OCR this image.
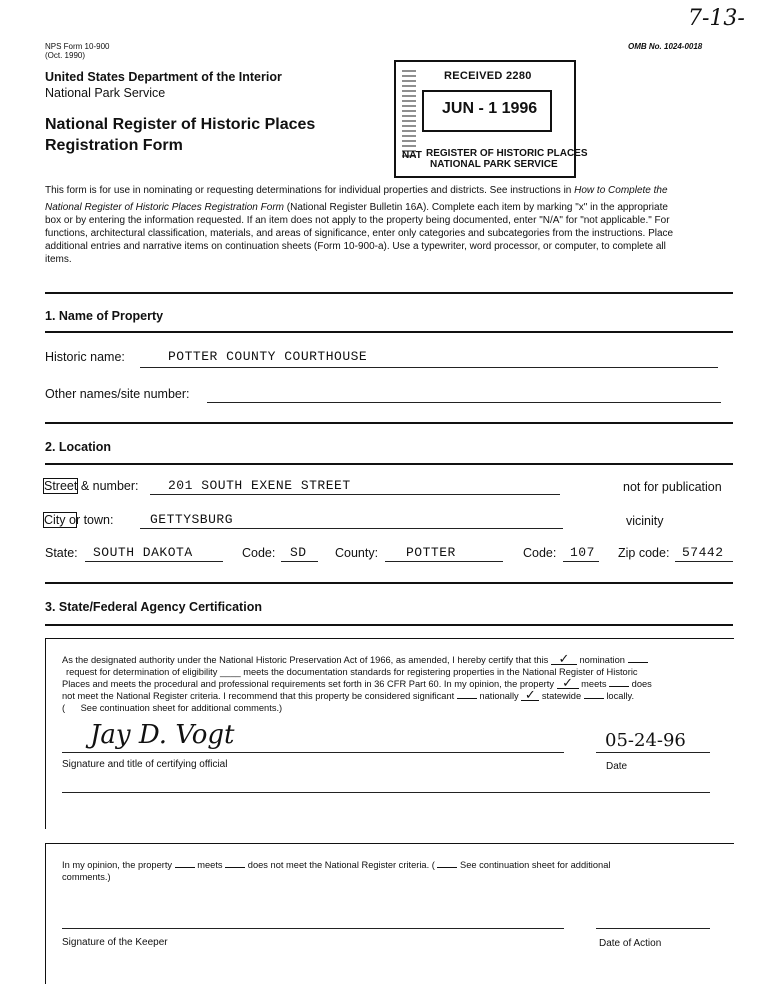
NPS Form 10-900
(Oct. 1990)
OMB No. 1024-0018
7-13-
United States Department of the Interior
National Park Service
National Register of Historic Places
Registration Form
RECEIVED 2280
JUN - 1 1996
NAT REGISTER OF HISTORIC PLACES
NATIONAL PARK SERVICE
This form is for use in nominating or requesting determinations for individual properties and districts. See instructions in How to Complete the
National Register of Historic Places Registration Form (National Register Bulletin 16A). Complete each item by marking "x" in the appropriate
box or by entering the information requested. If an item does not apply to the property being documented, enter "N/A" for "not applicable." For
functions, architectural classification, materials, and areas of significance, enter only categories and subcategories from the instructions. Place
additional entries and narrative items on continuation sheets (Form 10-900-a). Use a typewriter, word processor, or computer, to complete all
items.
1. Name of Property
Historic name:	POTTER COUNTY COURTHOUSE
Other names/site number:
2. Location
Street & number: 201 SOUTH EXENE STREET	not for publication
City or town:	GETTYSBURG	vicinity
State: SOUTH DAKOTA	Code: SD County: POTTER	Code: 107 Zip code: 57442
3. State/Federal Agency Certification
As the designated authority under the National Historic Preservation Act of 1966, as amended, I hereby certify that this ✓ nomination
request for determination of eligibility ____ meets the documentation standards for registering properties in the National Register of Historic
Places and meets the procedural and professional requirements set forth in 36 CFR Part 60. In my opinion, the property ✓ meets	does
not meet the National Register criteria. I recommend that this property be considered significant	nationally ✓ statewide	locally.
(      See continuation sheet for additional comments.)
Jay D. Vogt	05-24-96
Signature and title of certifying official	Date
In my opinion, the property	meets	does not meet the National Register criteria. (	See continuation sheet for additional
comments.)
Signature of the Keeper	Date of Action
